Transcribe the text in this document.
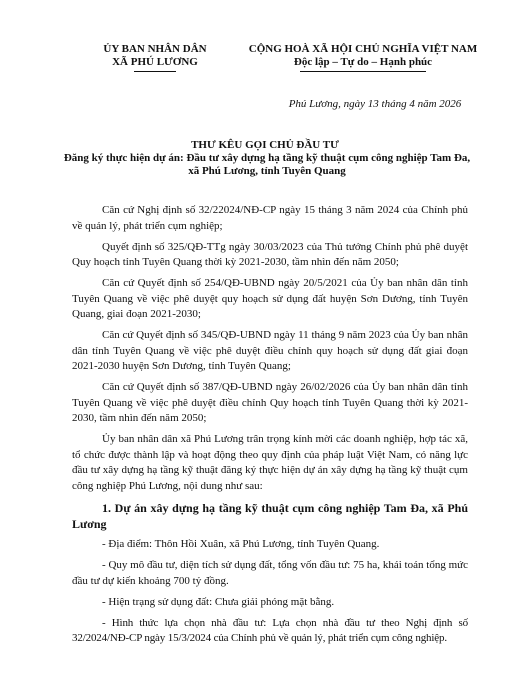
ỦY BAN NHÂN DÂN
XÃ PHÚ LƯƠNG
CỘNG HOÀ XÃ HỘI CHỦ NGHĨA VIỆT NAM
Độc lập – Tự do – Hạnh phúc
Phú Lương, ngày 13 tháng 4 năm 2026
THƯ KÊU GỌI CHỦ ĐẦU TƯ
Đăng ký thực hiện dự án: Đầu tư xây dựng hạ tầng kỹ thuật cụm công nghiệp Tam Đa, xã Phú Lương, tỉnh Tuyên Quang

Căn cứ Nghị định số 32/22024/NĐ-CP ngày 15 tháng 3 năm 2024 của Chính phủ về quản lý, phát triển cụm nghiệp;

Quyết định số 325/QĐ-TTg ngày 30/03/2023 của Thủ tướng Chính phủ phê duyệt Quy hoạch tỉnh Tuyên Quang thời kỳ 2021-2030, tầm nhìn đến năm 2050;

Căn cứ Quyết định số 254/QĐ-UBND ngày 20/5/2021 của Ủy ban nhân dân tỉnh Tuyên Quang về việc phê duyệt quy hoạch sử dụng đất huyện Sơn Dương, tỉnh Tuyên Quang, giai đoạn 2021-2030;

Căn cứ Quyết định số 345/QĐ-UBND ngày 11 tháng 9 năm 2023 của Ủy ban nhân dân tỉnh Tuyên Quang về việc phê duyệt điều chỉnh quy hoạch sử dụng đất giai đoạn 2021-2030 huyện Sơn Dương, tỉnh Tuyên Quang;

Căn cứ Quyết định số 387/QĐ-UBND ngày 26/02/2026 của Ủy ban nhân dân tỉnh Tuyên Quang về việc phê duyệt điều chỉnh Quy hoạch tỉnh Tuyên Quang thời kỳ 2021-2030, tầm nhìn đến năm 2050;

Ủy ban nhân dân xã Phú Lương trân trọng kính mời các doanh nghiệp, hợp tác xã, tổ chức được thành lập và hoạt động theo quy định của pháp luật Việt Nam, có năng lực đầu tư xây dựng hạ tầng kỹ thuật đăng ký thực hiện dự án xây dựng hạ tầng kỹ thuật cụm công nghiệp Phú Lương, nội dung như sau:

1. Dự án xây dựng hạ tầng kỹ thuật cụm công nghiệp Tam Đa, xã Phú Lương

- Địa điểm: Thôn Hồi Xuân, xã Phú Lương, tỉnh Tuyên Quang.

- Quy mô đầu tư, diện tích sử dụng đất, tổng vốn đầu tư: 75 ha, khái toán tổng mức đầu tư dự kiến khoảng 700 tỷ đồng.

- Hiện trạng sử dụng đất: Chưa giải phóng mặt bằng.

- Hình thức lựa chọn nhà đầu tư: Lựa chọn nhà đầu tư theo Nghị định số 32/2024/NĐ-CP ngày 15/3/2024 của Chính phủ về quản lý, phát triển cụm công nghiệp.
